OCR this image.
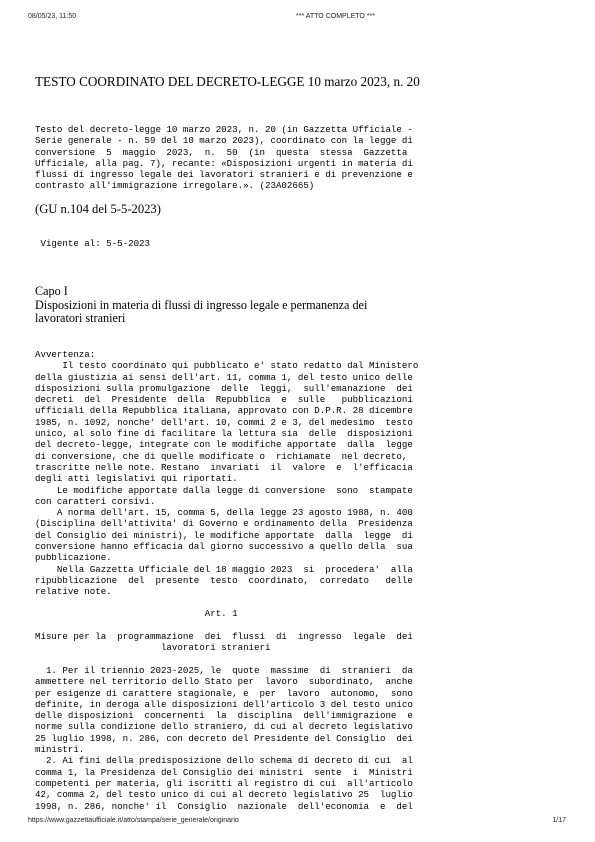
08/05/23, 11:50	*** ATTO COMPLETO ***
TESTO COORDINATO DEL DECRETO-LEGGE 10 marzo 2023, n. 20
Testo del decreto-legge 10 marzo 2023, n. 20 (in Gazzetta Ufficiale -
Serie generale - n. 59 del 10 marzo 2023), coordinato con la legge di
conversione  5  maggio  2023,  n.  50  (in  questa  stessa  Gazzetta
Ufficiale, alla pag. 7), recante: «Disposizioni urgenti in materia di
flussi di ingresso legale dei lavoratori stranieri e di prevenzione e
contrasto all'immigrazione irregolare.». (23A02665)
(GU n.104 del 5-5-2023)
Vigente al: 5-5-2023
Capo I
Disposizioni in materia di flussi di ingresso legale e permanenza dei
lavoratori stranieri
Avvertenza:
Il testo coordinato qui pubblicato e' stato redatto dal Ministero
della giustizia ai sensi dell'art. 11, comma 1, del testo unico delle
disposizioni sulla promulgazione  delle  leggi,  sull'emanazione  dei
decreti  del  Presidente  della  Repubblica  e  sulle   pubblicazioni
ufficiali della Repubblica italiana, approvato con D.P.R. 28 dicembre
1985, n. 1092, nonche' dell'art. 10, commi 2 e 3, del medesimo  testo
unico, al solo fine di facilitare la lettura sia  delle  disposizioni
del decreto-legge, integrate con le modifiche apportate  dalla  legge
di conversione, che di quelle modificate o  richiamate  nel decreto,
trascritte nelle note. Restano  invariati  il  valore  e  l'efficacia
degli atti legislativi qui riportati.
Le modifiche apportate dalla legge di conversione  sono  stampate
con caratteri corsivi.
A norma dell'art. 15, comma 5, della legge 23 agosto 1988, n. 400
(Disciplina dell'attivita' di Governo e ordinamento della  Presidenza
del Consiglio dei ministri), le modifiche apportate  dalla  legge  di
conversione hanno efficacia dal giorno successivo a quello della  sua
pubblicazione.
Nella Gazzetta Ufficiale del 18 maggio 2023  si  procedera'  alla
ripubblicazione  del  presente  testo  coordinato,  corredato   delle
relative note.
Art. 1
Misure per la  programmazione  dei  flussi  di  ingresso  legale  dei
lavoratori stranieri
1. Per il triennio 2023-2025, le  quote  massime  di  stranieri  da
ammettere nel territorio dello Stato per  lavoro  subordinato,  anche
per esigenze di carattere stagionale, e  per  lavoro  autonomo,  sono
definite, in deroga alle disposizioni dell'articolo 3 del testo unico
delle disposizioni  concernenti  la  disciplina  dell'immigrazione  e
norme sulla condizione dello straniero, di cui al decreto legislativo
25 luglio 1998, n. 286, con decreto del Presidente del Consiglio  dei
ministri.
2. Ai fini della predisposizione dello schema di decreto di cui  al
comma 1, la Presidenza del Consiglio dei ministri  sente  i  Ministri
competenti per materia, gli iscritti al registro di cui  all'articolo
42, comma 2, del testo unico di cui al decreto legislativo 25  luglio
1998, n. 286, nonche' il  Consiglio  nazionale  dell'economia  e  del
https://www.gazzettaufficiale.it/atto/stampa/serie_generale/originario	1/17
